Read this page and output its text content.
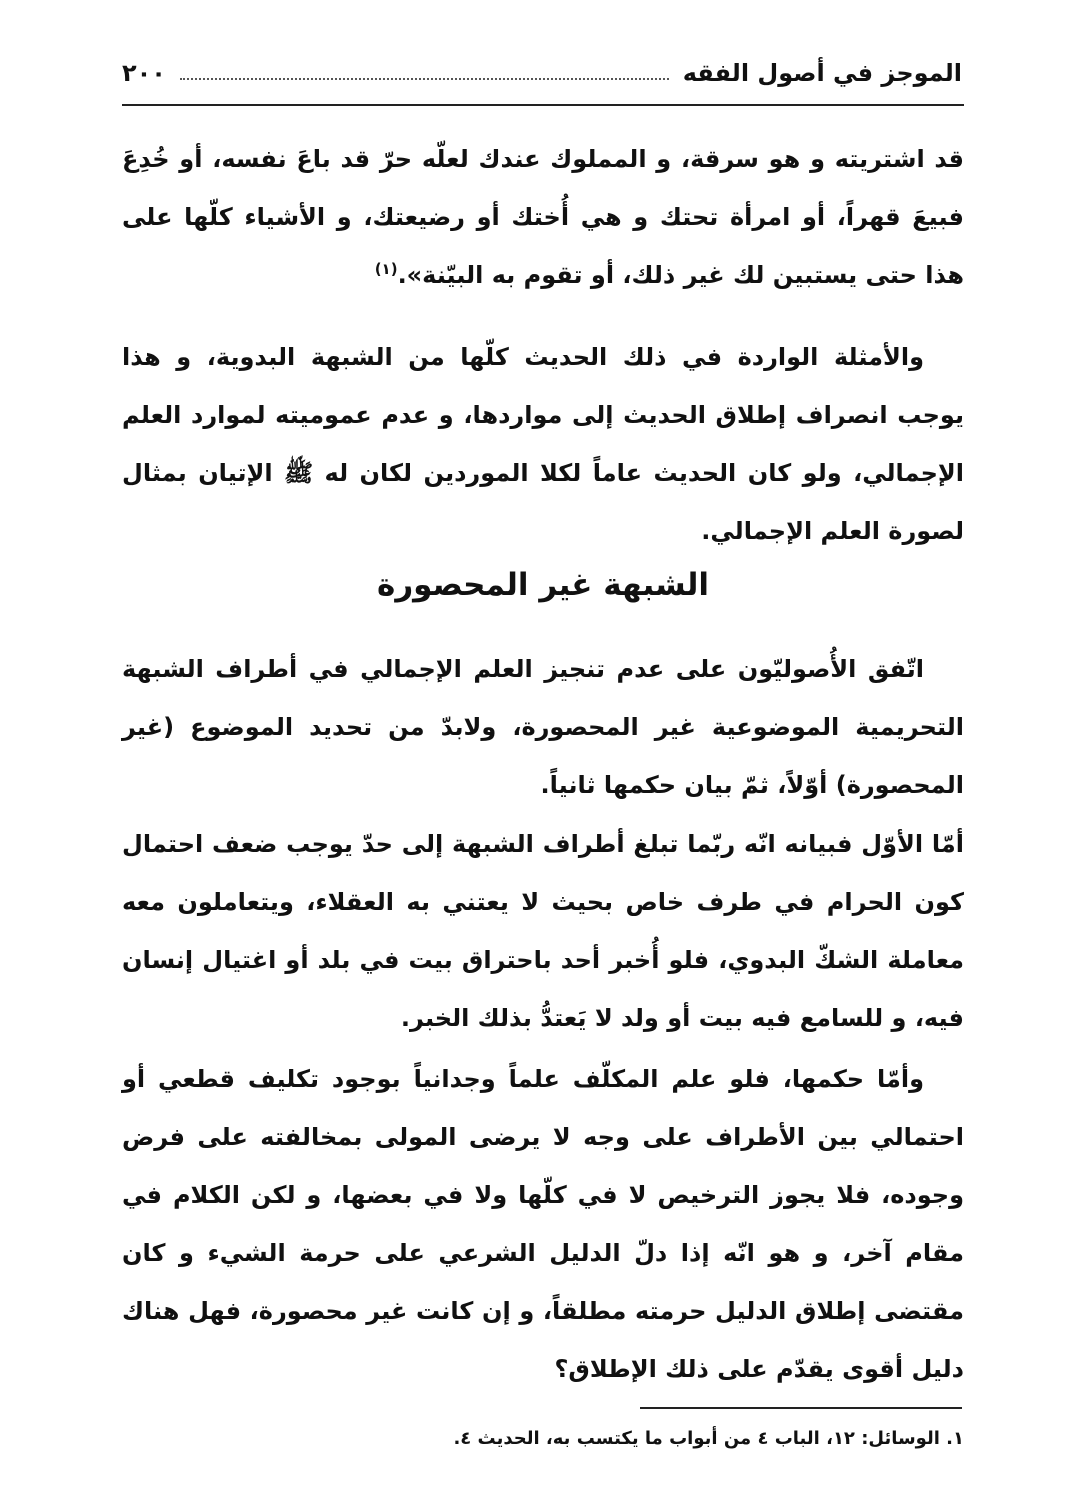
الموجز في أصول الفقه
٢٠٠

قد اشتريته و هو سرقة، و المملوك عندك لعلّه حرّ قد باعَ نفسه، أو خُدِعَ فبيعَ قهراً، أو امرأة تحتك و هي أُختك أو رضيعتك، و الأشياء كلّها على هذا حتى يستبين لك غير ذلك، أو تقوم به البيّنة».$^{(١)}$

والأمثلة الواردة في ذلك الحديث كلّها من الشبهة البدوية، و هذا يوجب انصراف إطلاق الحديث إلى مواردها، و عدم عموميته لموارد العلم الإجمالي، ولو كان الحديث عاماً لكلا الموردين لكان له ﷺ الإتيان بمثال لصورة العلم الإجمالي.

الشبهة غير المحصورة

اتّفق الأُصوليّون على عدم تنجيز العلم الإجمالي في أطراف الشبهة التحريمية الموضوعية غير المحصورة، ولابدّ من تحديد الموضوع (غير المحصورة) أوّلاً، ثمّ بيان حكمها ثانياً.

أمّا الأوّل فبيانه انّه ربّما تبلغ أطراف الشبهة إلى حدّ يوجب ضعف احتمال كون الحرام في طرف خاص بحيث لا يعتني به العقلاء، ويتعاملون معه معاملة الشكّ البدوي، فلو أُخبر أحد باحتراق بيت في بلد أو اغتيال إنسان فيه، و للسامع فيه بيت أو ولد لا يَعتدُّ بذلك الخبر.

وأمّا حكمها، فلو علم المكلّف علماً وجدانياً بوجود تكليف قطعي أو احتمالي بين الأطراف على وجه لا يرضى المولى بمخالفته على فرض وجوده، فلا يجوز الترخيص لا في كلّها ولا في بعضها، و لكن الكلام في مقام آخر، و هو انّه إذا دلّ الدليل الشرعي على حرمة الشيء و كان مقتضى إطلاق الدليل حرمته مطلقاً، و إن كانت غير محصورة، فهل هناك دليل أقوى يقدّم على ذلك الإطلاق؟

١. الوسائل: ١٢، الباب ٤ من أبواب ما يكتسب به، الحديث ٤.
